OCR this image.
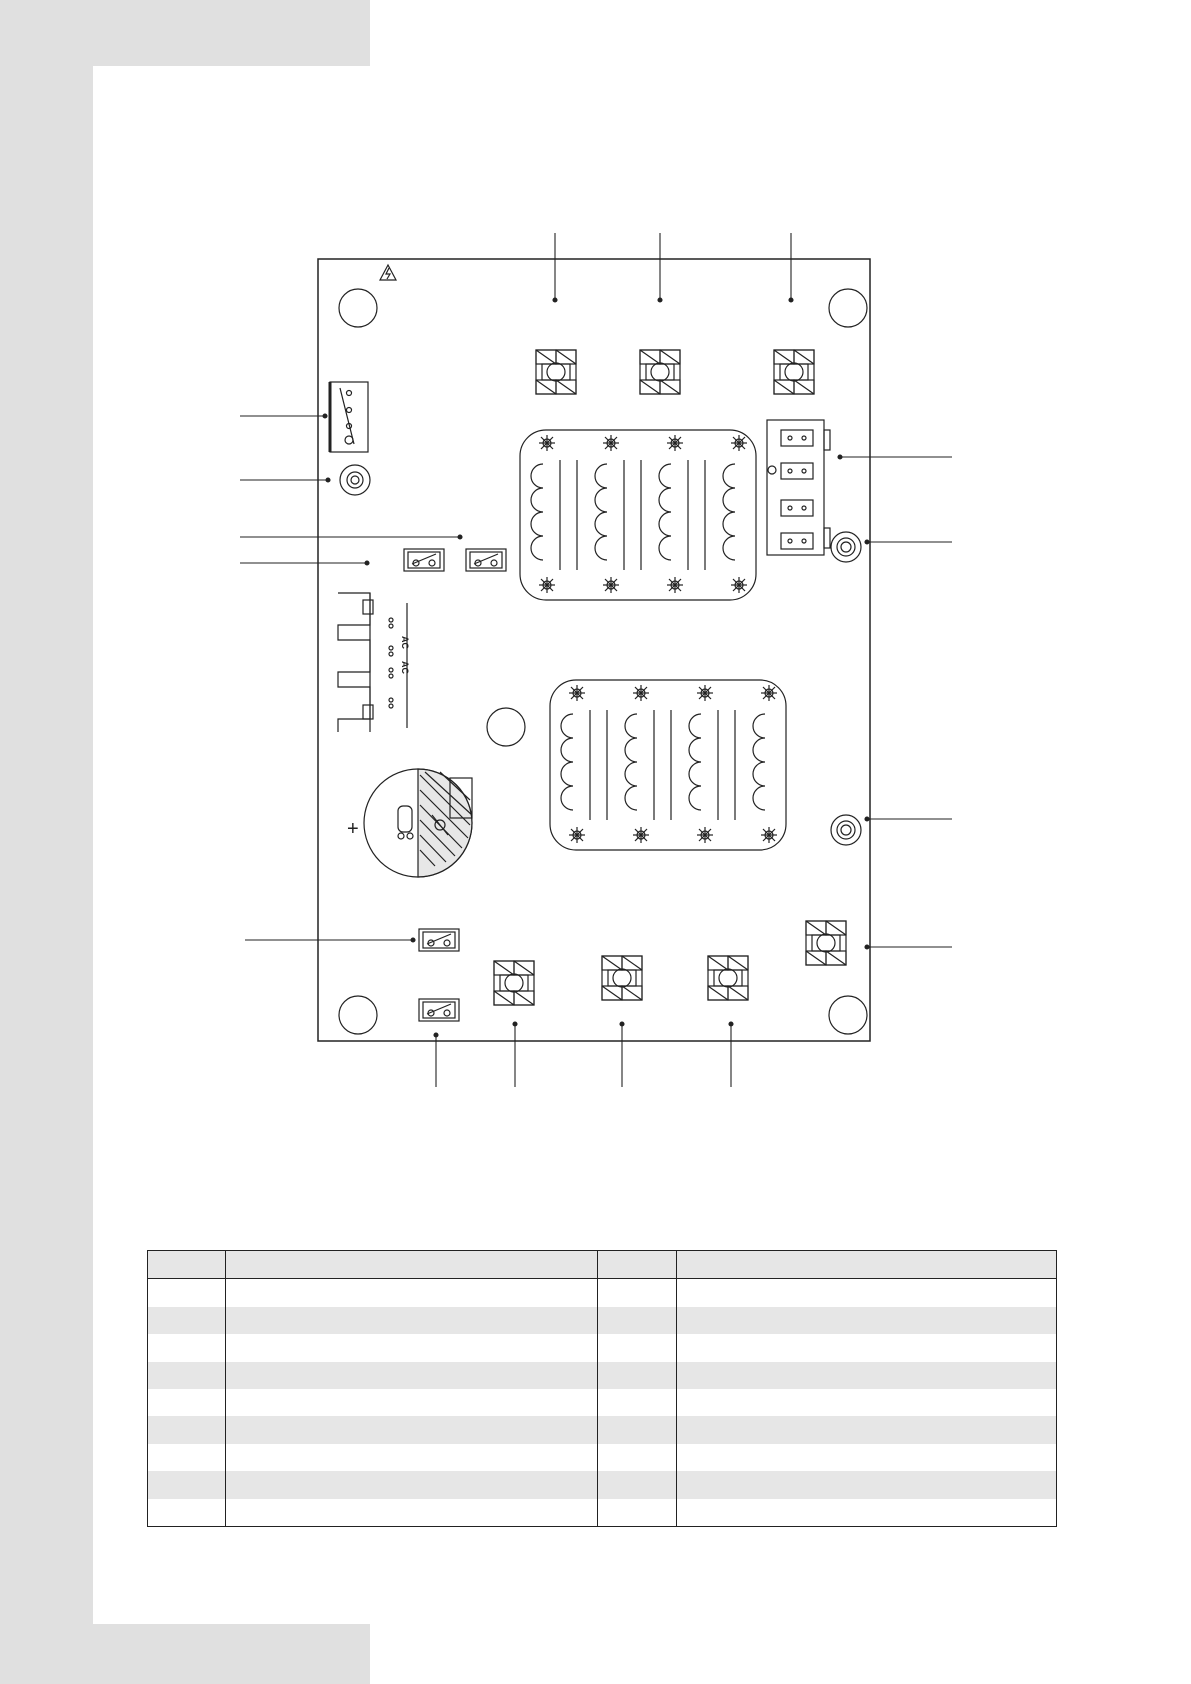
AC
AC
+
